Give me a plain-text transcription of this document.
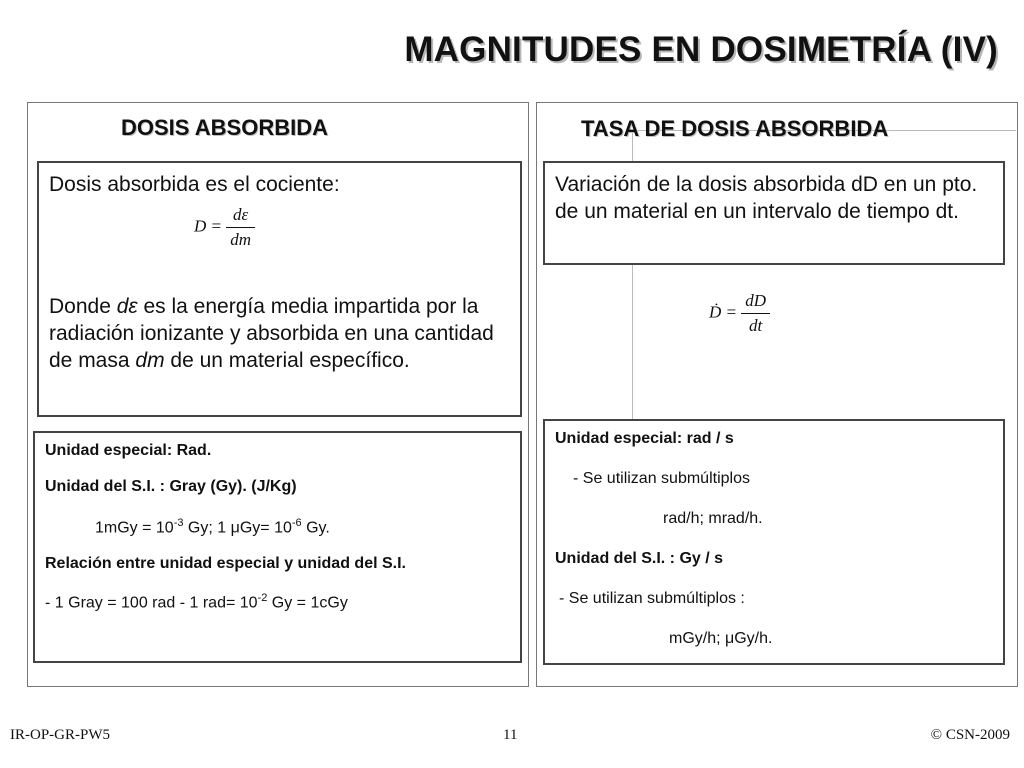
MAGNITUDES EN DOSIMETRÍA (IV)
DOSIS ABSORBIDA

Dosis absorbida es el cociente:

$D = \frac{d\varepsilon}{dm}$

Donde dε es la energía media impartida por la radiación ionizante y absorbida en una cantidad de masa dm de un material específico.

Unidad especial: Rad.
Unidad del S.I. : Gray (Gy). (J/Kg)
$1mGy = 10^{-3}$ Gy; 1 $\mu Gy= 10^{-6}$ Gy.
Relación entre unidad especial y unidad del S.I.
- 1 Gray = 100 rad - 1 $rad= 10^{-2}$ Gy = 1cGy
TASA DE DOSIS ABSORBIDA

Variación de la dosis absorbida dD en un pto. de un material en un intervalo de tiempo dt.

Ḋ = $\frac{dD}{dt}$
Unidad especial: rad / s
- Se utilizan submúltiplos
rad/h; mrad/h.
Unidad del S.I. : Gy / s
- Se utilizan submúltiplos :
mGy/h; μGy/h.
IR-OP-GR-PW5	11	© CSN-2009
